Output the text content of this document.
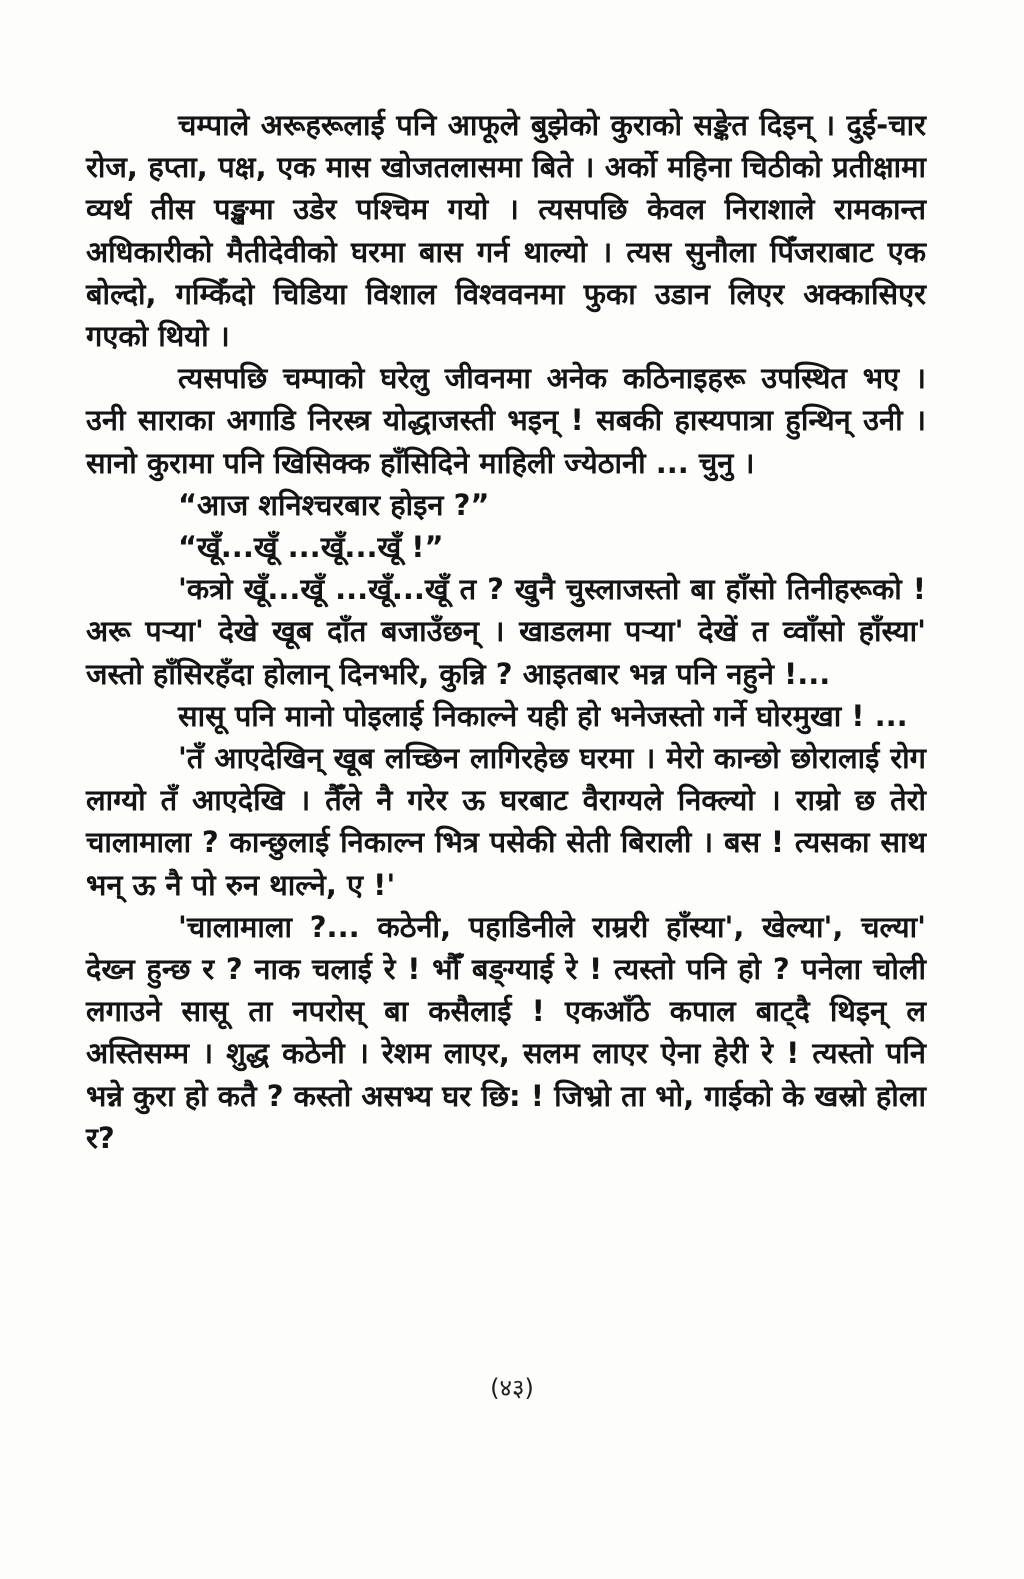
चम्पाले अरूहरूलाई पनि आफूले बुझेको कुराको सङ्केत दिइन् । दुई-चार रोज, हप्ता, पक्ष, एक मास खोजतलासमा बिते । अर्को महिना चिठीको प्रतीक्षामा व्यर्थ तीस पङ्खमा उडेर पश्चिम गयो । त्यसपछि केवल निराशाले रामकान्त अधिकारीको मैतीदेवीको घरमा बास गर्न थाल्यो । त्यस सुनौला पिँजराबाट एक बोल्दो, गम्किँदो चिडिया विशाल विश्ववनमा फुका उडान लिएर अक्कासिएर गएको थियो ।

त्यसपछि चम्पाको घरेलु जीवनमा अनेक कठिनाइहरू उपस्थित भए । उनी साराका अगाडि निरस्त्र योद्धाजस्ती भइन् ! सबकी हास्यपात्रा हुन्थिन् उनी । सानो कुरामा पनि खिसिक्क हाँसिदिने माहिली ज्येठानी ... चुनु ।

“आज शनिश्चरबार होइन ?”

“खूँ...खूँ ...खूँ...खूँ !”

'कत्रो खूँ...खूँ ...खूँ...खूँ त ? खुनै चुस्लाजस्तो बा हाँसो तिनीहरूको ! अरू पऱ्या' देखे खूब दाँत बजाउँछन् । खाडलमा पऱ्या' देखें त व्वाँसो हाँस्या' जस्तो हाँसिरहँदा होलान् दिनभरि, कुन्नि ? आइतबार भन्न पनि नहुने !...

सासू पनि मानो पोइलाई निकाल्ने यही हो भनेजस्तो गर्ने घोरमुखा ! ...

'तँ आएदेखिन् खूब लच्छिन लागिरहेछ घरमा । मेरो कान्छो छोरालाई रोग लाग्यो तँ आएदेखि । तैँले नै गरेर ऊ घरबाट वैराग्यले निक्ल्यो । राम्रो छ तेरो चालामाला ? कान्छुलाई निकाल्न भित्र पसेकी सेती बिराली । बस ! त्यसका साथ भन् ऊ नै पो रुन थाल्ने, ए !'

'चालामाला ?... कठेनी, पहाडिनीले राम्ररी हाँस्या', खेल्या', चल्या' देख्न हुन्छ र ? नाक चलाई रे ! भौँ बङ्ग्याई रे ! त्यस्तो पनि हो ? पनेला चोली लगाउने सासू ता नपरोस् बा कसैलाई ! एकआँठे कपाल बाट्दै थिइन् ल अस्तिसम्म । शुद्ध कठेनी । रेशम लाएर, सलम लाएर ऐना हेरी रे ! त्यस्तो पनि भन्ने कुरा हो कतै ? कस्तो असभ्य घर छि: ! जिभ्रो ता भो, गाईको के खस्रो होला र?

(४३)
